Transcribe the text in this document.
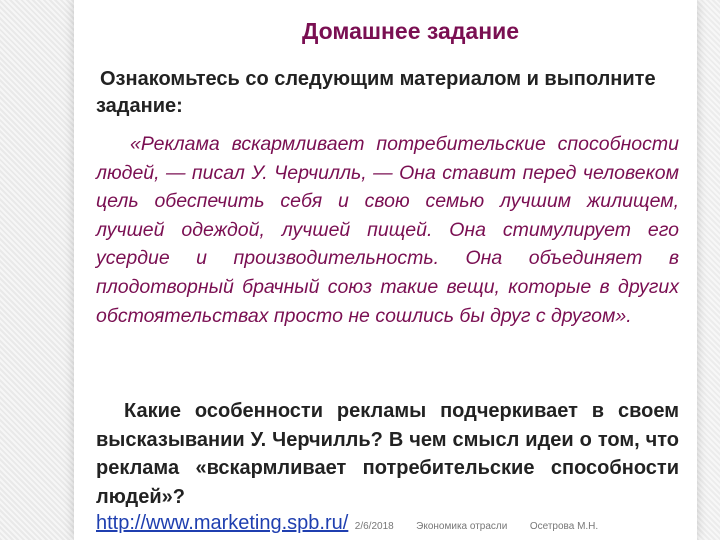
Домашнее задание
Ознакомьтесь со следующим материалом и выполните задание:
«Реклама вскармливает потребительские способности людей, — писал У. Черчилль, — Она ставит перед человеком цель обеспечить себя и свою семью лучшим жилищем, лучшей одеждой, лучшей пищей. Она стимулирует его усердие и производительность. Она объединяет в плодотворный брачный союз такие вещи, которые в других обстоятельствах просто не сошлись бы друг с другом».
Какие особенности рекламы подчеркивает в своем высказывании У. Черчилль? В чем смысл идеи о том, что реклама «вскармливает потребительские способности людей»?
http://www.marketing.spb.ru/ 2/6/2018 Экономика отрасли Осетрова М.Н.
